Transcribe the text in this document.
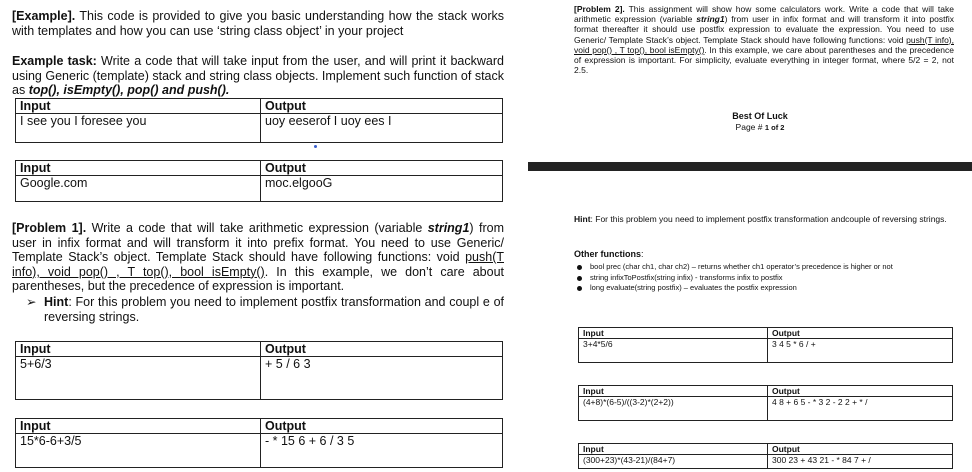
[Example]. This code is provided to give you basic understanding how the stack works with templates and how you can use ‘string class object’ in your project
Example task: Write a code that will take input from the user, and will print it backward using Generic (template) stack and string class objects. Implement such function of stack as top(), isEmpty(), pop() and push().
Input	Output
I see you I foresee you	uoy eeserof I uoy ees I
Input	Output
Google.com	moc.elgooG
[Problem 1]. Write a code that will take arithmetic expression (variable string1) from user in infix format and will transform it into prefix format. You need to use Generic/ Template Stack’s object. Template Stack should have following functions: void push(T info), void pop() , T top(), bool isEmpty(). In this example, we don’t care about parentheses, but the precedence of expression is important.
➢ Hint: For this problem you need to implement postfix transformation and coupl e of reversing strings.
Input	Output
5+6/3	+ 5 / 6 3
Input	Output
15*6-6+3/5	- * 15 6 + 6 / 3 5
[Problem 2]. This assignment will show how some calculators work. Write a code that will take arithmetic expression (variable string1) from user in infix format and will transform it into postfix format thereafter it should use postfix expression to evaluate the expression. You need to use Generic/ Template Stack’s object. Template Stack should have following functions: void push(T info), void pop() , T top(), bool isEmpty(). In this example, we care about parentheses and the precedence of expression is important. For simplicity, evaluate everything in integer format, where 5/2 = 2, not 2.5.
Best Of Luck
Page # 1 of 2
Hint: For this problem you need to implement postfix transformation andcouple of reversing strings.
Other functions:
bool prec (char ch1, char ch2) – returns whether ch1 operator’s precedence is higher or not
string infixToPostfix(string infix) - transforms infix to postfix
long evaluate(string postfix) – evaluates the postfix expression
Input	Output
3+4*5/6	3 4 5 * 6 / +
Input	Output
(4+8)*(6-5)/((3-2)*(2+2))	4 8 + 6 5 - * 3 2 - 2 2 + * /
Input	Output
(300+23)*(43-21)/(84+7)	300 23 + 43 21 - * 84 7 + /
